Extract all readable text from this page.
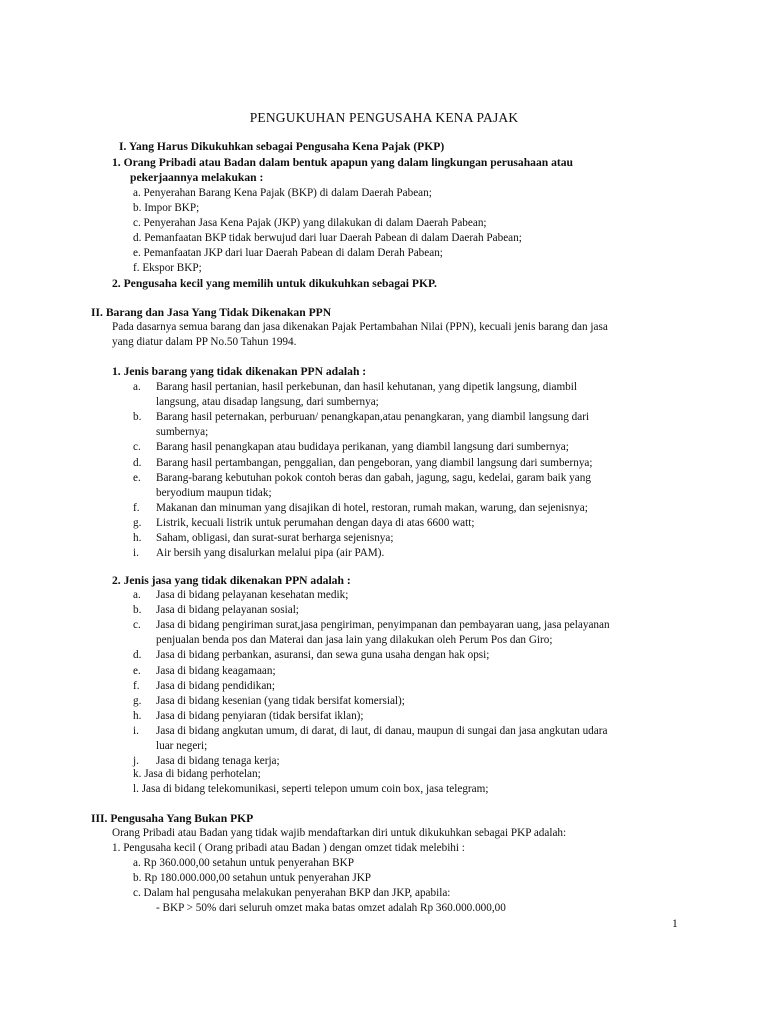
PENGUKUHAN PENGUSAHA KENA PAJAK
I. Yang Harus Dikukuhkan sebagai Pengusaha Kena Pajak (PKP)
1. Orang Pribadi atau Badan dalam bentuk apapun yang dalam lingkungan perusahaan atau
pekerjaannya melakukan :
a. Penyerahan Barang Kena Pajak (BKP) di dalam Daerah Pabean;
b. Impor BKP;
c. Penyerahan Jasa Kena Pajak (JKP) yang dilakukan di dalam Daerah Pabean;
d. Pemanfaatan BKP tidak berwujud dari luar Daerah Pabean di dalam Daerah Pabean;
e. Pemanfaatan JKP dari luar Daerah Pabean di dalam Derah Pabean;
f. Ekspor BKP;
2. Pengusaha kecil yang memilih untuk dikukuhkan sebagai PKP.
II. Barang dan Jasa Yang Tidak Dikenakan PPN
Pada dasarnya semua barang dan jasa dikenakan Pajak Pertambahan Nilai (PPN), kecuali jenis barang dan jasa
yang diatur dalam PP No.50 Tahun 1994.
1. Jenis barang yang tidak dikenakan PPN adalah :
a. Barang hasil pertanian, hasil perkebunan, dan hasil kehutanan, yang dipetik langsung, diambil
langsung, atau disadap langsung, dari sumbernya;
b. Barang hasil peternakan, perburuan/ penangkapan,atau penangkaran, yang diambil langsung dari
sumbernya;
c. Barang hasil penangkapan atau budidaya perikanan, yang diambil langsung dari sumbernya;
d. Barang hasil pertambangan, penggalian, dan pengeboran, yang diambil langsung dari sumbernya;
e. Barang-barang kebutuhan pokok contoh beras dan gabah, jagung, sagu, kedelai, garam baik yang
beryodium maupun tidak;
f. Makanan dan minuman yang disajikan di hotel, restoran, rumah makan, warung, dan sejenisnya;
g. Listrik, kecuali listrik untuk perumahan dengan daya di atas 6600 watt;
h. Saham, obligasi, dan surat-surat berharga sejenisnya;
i. Air bersih yang disalurkan melalui pipa (air PAM).
2. Jenis jasa yang tidak dikenakan PPN adalah :
a. Jasa di bidang pelayanan kesehatan medik;
b. Jasa di bidang pelayanan sosial;
c. Jasa di bidang pengiriman surat,jasa pengiriman, penyimpanan dan pembayaran uang, jasa pelayanan
penjualan benda pos dan Materai dan jasa lain yang dilakukan oleh Perum Pos dan Giro;
d. Jasa di bidang perbankan, asuransi, dan sewa guna usaha dengan hak opsi;
e. Jasa di bidang keagamaan;
f. Jasa di bidang pendidikan;
g. Jasa di bidang kesenian (yang tidak bersifat komersial);
h. Jasa di bidang penyiaran (tidak bersifat iklan);
i. Jasa di bidang angkutan umum, di darat, di laut, di danau, maupun di sungai dan jasa angkutan udara
luar negeri;
j. Jasa di bidang tenaga kerja;
k. Jasa di bidang perhotelan;
l. Jasa di bidang telekomunikasi, seperti telepon umum coin box, jasa telegram;
III. Pengusaha Yang Bukan PKP
Orang Pribadi atau Badan yang tidak wajib mendaftarkan diri untuk dikukuhkan sebagai PKP adalah:
1. Pengusaha kecil ( Orang pribadi atau Badan ) dengan omzet tidak melebihi :
a. Rp 360.000,00 setahun untuk penyerahan BKP
b. Rp 180.000.000,00 setahun untuk penyerahan JKP
c. Dalam hal pengusaha melakukan penyerahan BKP dan JKP, apabila:
- BKP > 50% dari seluruh omzet maka batas omzet adalah Rp 360.000.000,00
1
